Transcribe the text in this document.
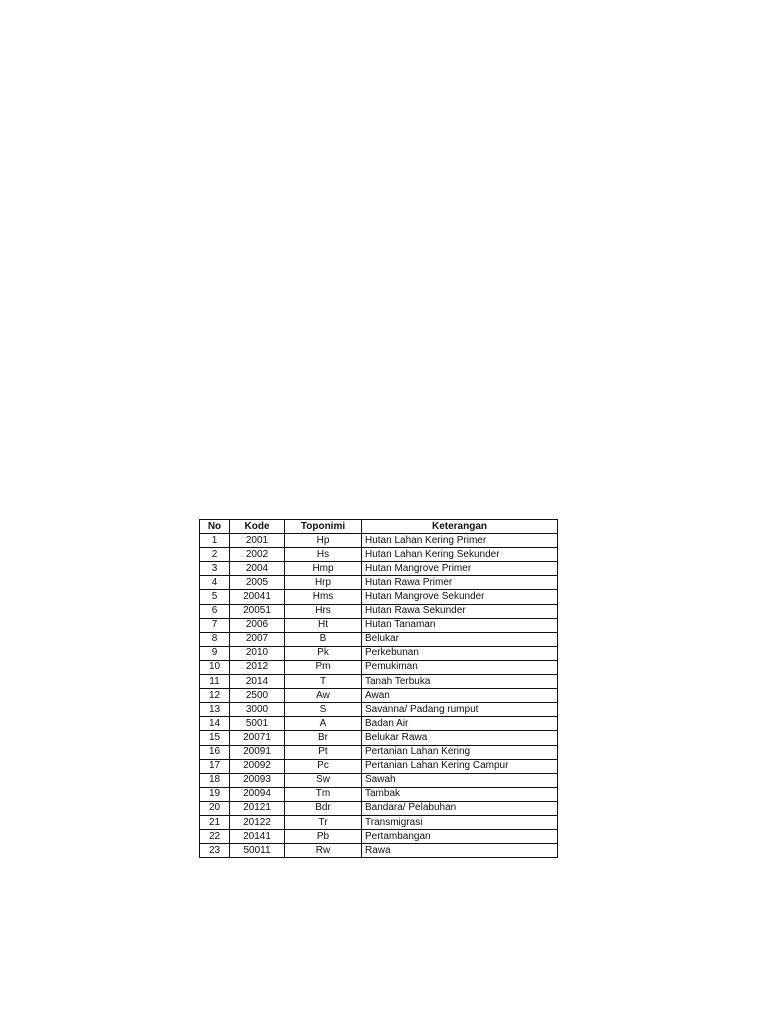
No	Kode	Toponimi	Keterangan
1	2001	Hp	Hutan Lahan Kering Primer
2	2002	Hs	Hutan Lahan Kering Sekunder
3	2004	Hmp	Hutan Mangrove Primer
4	2005	Hrp	Hutan Rawa Primer
5	20041	Hms	Hutan Mangrove Sekunder
6	20051	Hrs	Hutan Rawa Sekunder
7	2006	Ht	Hutan Tanaman
8	2007	B	Belukar
9	2010	Pk	Perkebunan
10	2012	Pm	Pemukiman
11	2014	T	Tanah Terbuka
12	2500	Aw	Awan
13	3000	S	Savanna/ Padang rumput
14	5001	A	Badan Air
15	20071	Br	Belukar Rawa
16	20091	Pt	Pertanian Lahan Kering
17	20092	Pc	Pertanian Lahan Kering Campur
18	20093	Sw	Sawah
19	20094	Tm	Tambak
20	20121	Bdr	Bandara/ Pelabuhan
21	20122	Tr	Transmigrasi
22	20141	Pb	Pertambangan
23	50011	Rw	Rawa
